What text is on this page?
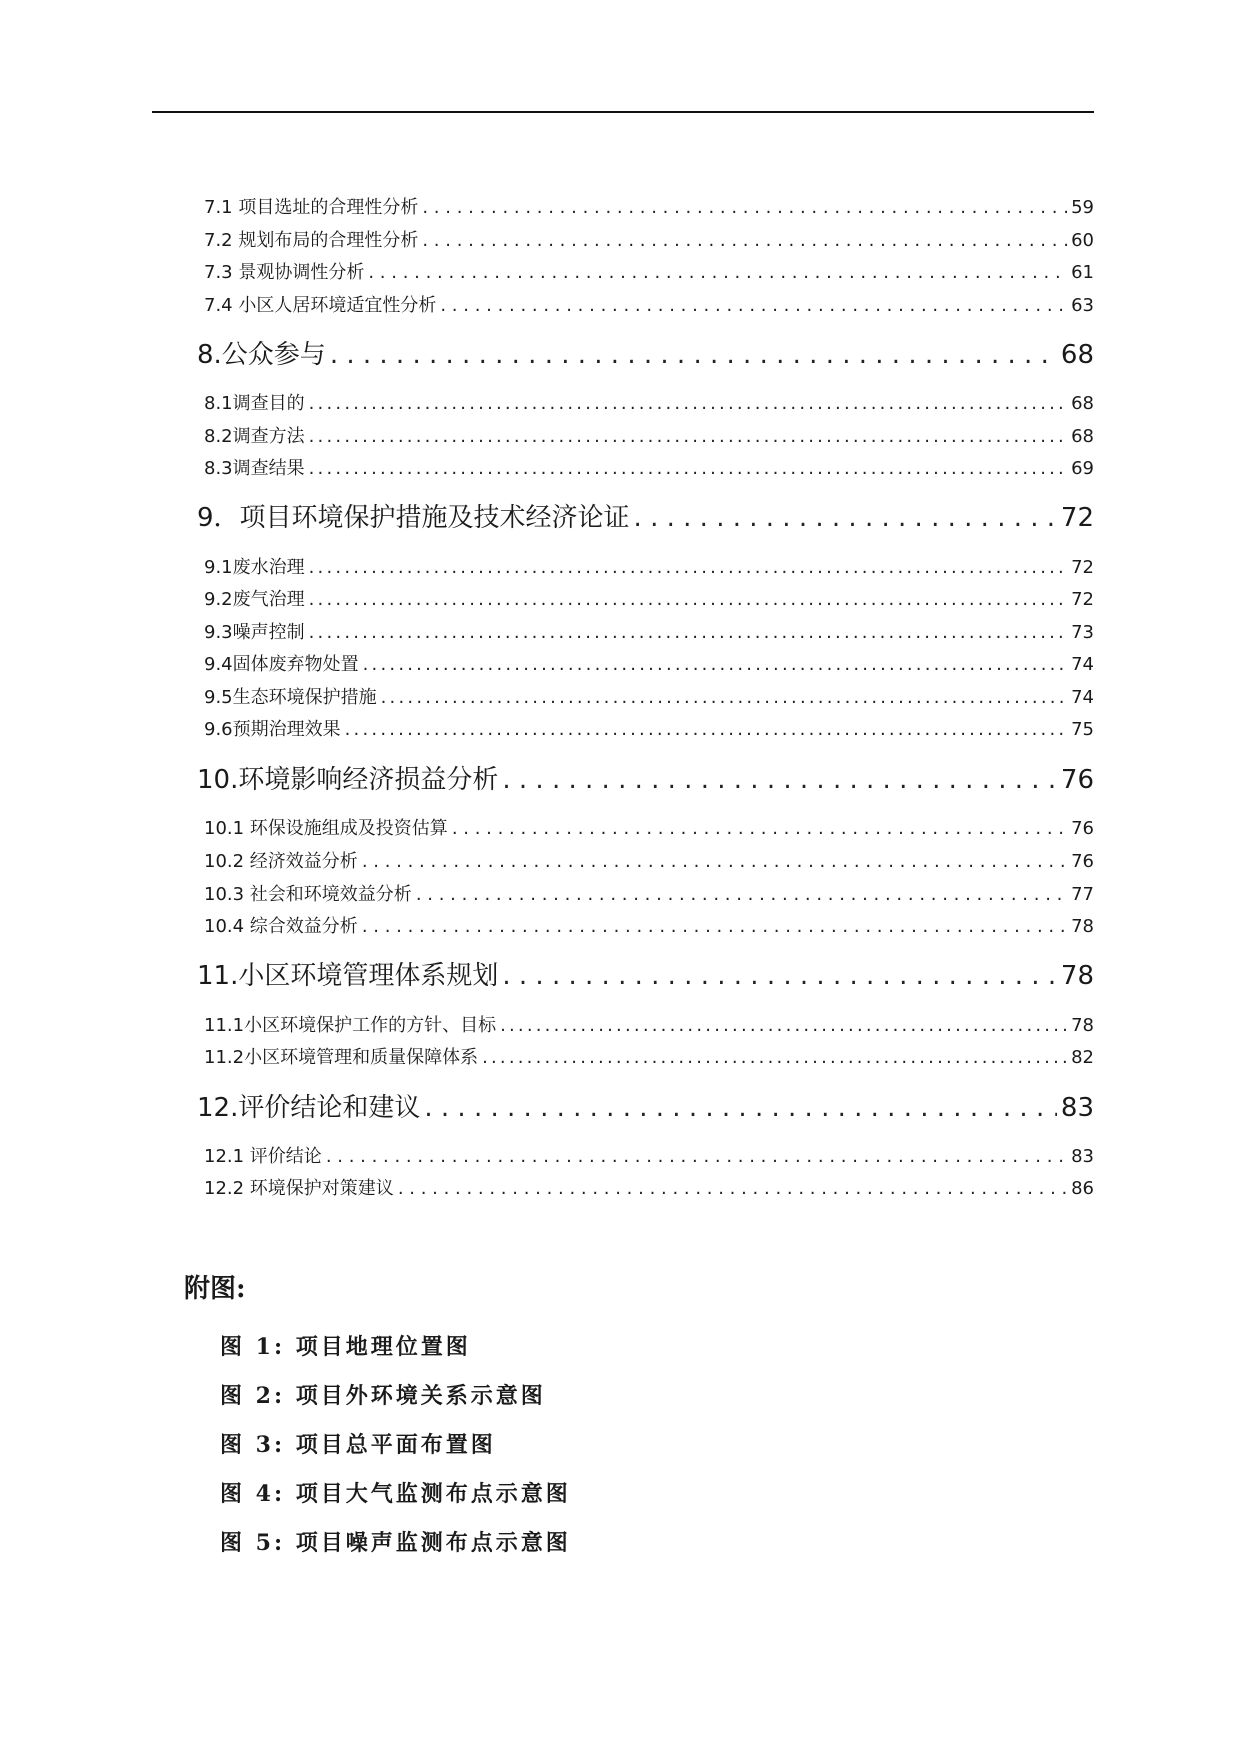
7.1 项目选址的合理性分析 . . .	59
7.2 规划布局的合理性分析 . . .	60
7.3 景观协调性分析 . . .	61
7.4 小区人居环境适宜性分析 . . .	63
8.公众参与 . . .	68
8.1调查目的 .....	68
8.2调查方法 .....	68
8.3调查结果 .....	69
9．项目环境保护措施及技术经济论证 . . .	72
9.1废水治理 .....	72
9.2废气治理 .....	72
9.3噪声控制 .....	73
9.4固体废弃物处置 .....	74
9.5生态环境保护措施 .....	74
9.6预期治理效果 .....	75
10.环境影响经济损益分析 . . .	76
10.1 环保设施组成及投资估算 . . .	76
10.2 经济效益分析 . . .	76
10.3 社会和环境效益分析 . . .	77
10.4 综合效益分析 . . .	78
11.小区环境管理体系规划 . . .	78
11.1小区环境保护工作的方针、目标 .....	78
11.2小区环境管理和质量保障体系 .....	82
12.评价结论和建议 . . .	83
12.1 评价结论 . . .	83
12.2 环境保护对策建议 . . .	86
附图:
图 1: 项目地理位置图
图 2: 项目外环境关系示意图
图 3: 项目总平面布置图
图 4: 项目大气监测布点示意图
图 5: 项目噪声监测布点示意图
